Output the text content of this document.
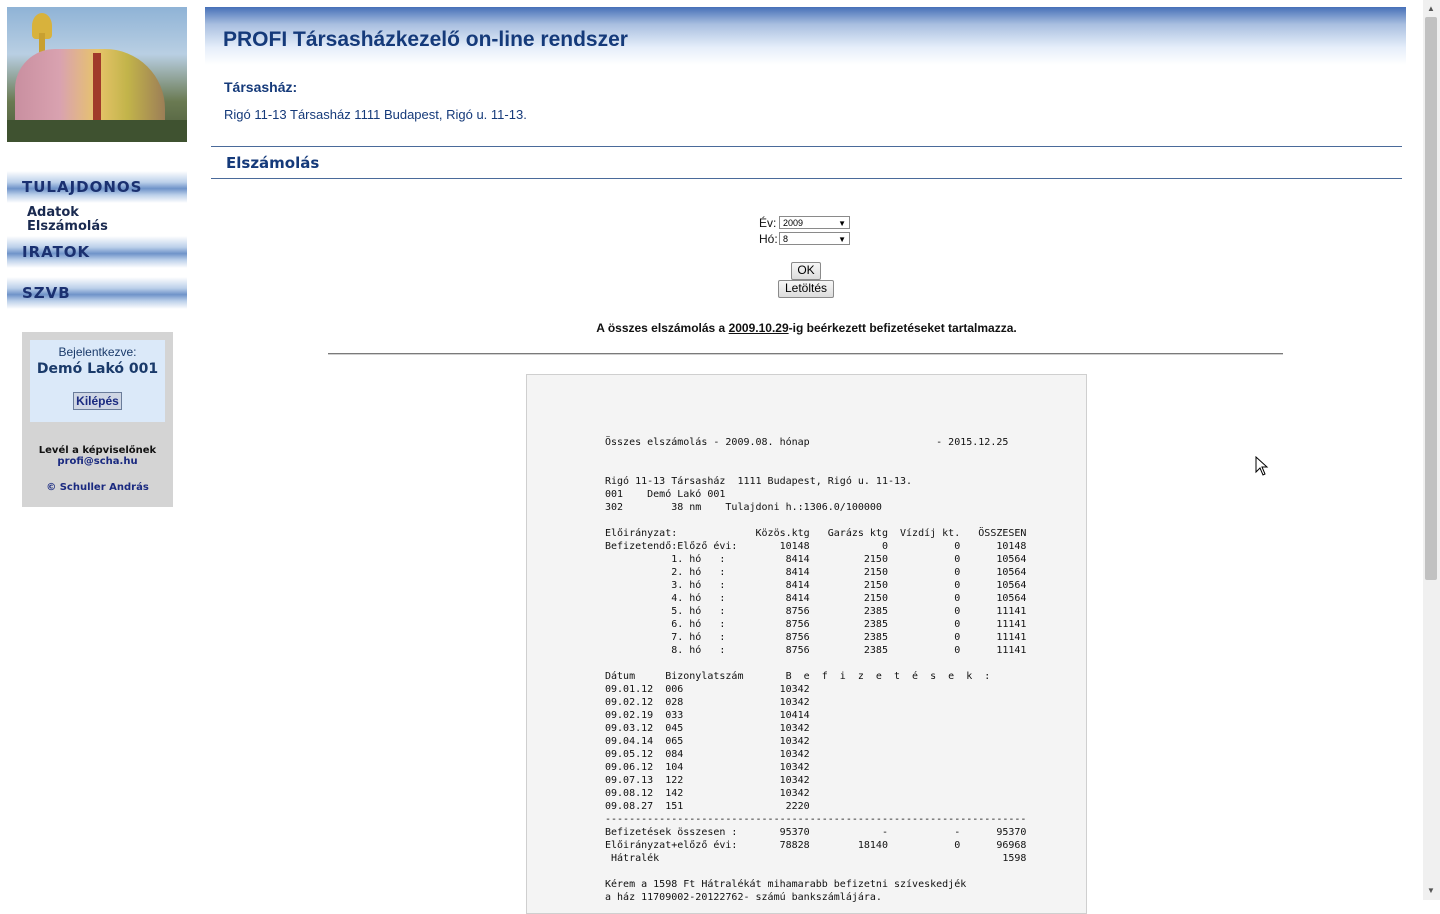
TULAJDONOS
Adatok
Elszámolás
IRATOK
SZVB
Bejelentkezve:
Demó Lakó 001
Kilépés
Levél a képviselőnek
profi@scha.hu
© Schuller András
PROFI Társasházkezelő on-line rendszer
Társasház:
Rigó 11-13 Társasház 1111 Budapest, Rigó u. 11-13.
Elszámolás
Év: 2009	▼
Hó: 8	▼
OK
Letöltés
A összes elszámolás a 2009.10.29-ig beérkezett befizetéseket tartalmazza.
Összes elszámolás - 2009.08. hónap                     - 2015.12.25

Rigó 11-13 Társasház  1111 Budapest, Rigó u. 11-13.
001    Demó Lakó 001
302        38 nm    Tulajdoni h.:1306.0/100000

Előirányzat:             Közös.ktg   Garázs ktg  Vízdíj kt.   ÖSSZESEN
Befizetendő:Előző évi:       10148            0           0      10148
1. hó   :          8414         2150           0      10564
2. hó   :          8414         2150           0      10564
3. hó   :          8414         2150           0      10564
4. hó   :          8414         2150           0      10564
5. hó   :          8756         2385           0      11141
6. hó   :          8756         2385           0      11141
7. hó   :          8756         2385           0      11141
8. hó   :          8756         2385           0      11141

Dátum     Bizonylatszám       B  e  f  i  z  e  t  é  s  e  k  :
09.01.12  006                10342
09.02.12  028                10342
09.02.19  033                10414
09.03.12  045                10342
09.04.14  065                10342
09.05.12  084                10342
09.06.12  104                10342
09.07.13  122                10342
09.08.12  142                10342
09.08.27  151                 2220
----------------------------------------------------------------------
Befizetések összesen :       95370            -           -      95370
Előirányzat+előző évi:       78828        18140           0      96968
Hátralék                                                         1598

Kérem a 1598 Ft Hátralékát mihamarabb befizetni szíveskedjék
a ház 11709002-20122762- számú bankszámlájára.
▲
▼
